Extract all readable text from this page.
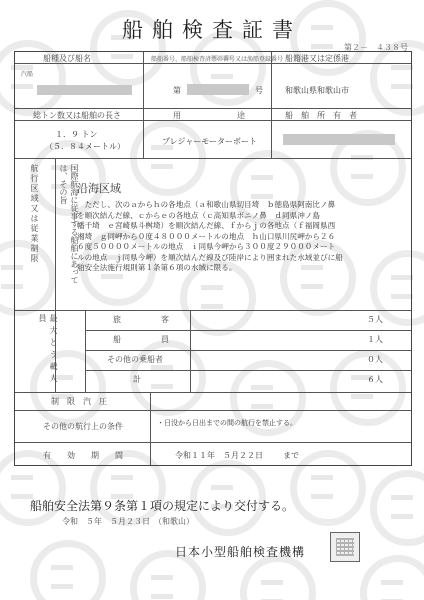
船舶検査証書
第２－　４３８号
船種及び船名	船舶番号、船舶検査済票の番号又は漁船登録番号 船籍港又は定係港
汽船
第	号	和歌山県和歌山市
総トン数又は船舶の長さ	用　　　　　　　途	船　舶　所　有　者
１．９ トン
（５．８４メートル）
プレジャーモーターボート
航行区域又は従業制限	国際航海に従事する船舶にあっては、その旨 沿海区域
　ただし、次のａからｈの各地点（ａ和歌山県切目埼　ｂ徳島県阿南比ノ鼻
を順次結んだ線、ｃからｅの各地点（ｃ高知県ボニノ鼻　ｄ同県沖ノ島
幡千埼　ｅ宮崎県斗桝埼）を順次結んだ線、ｆからｊの各地点（ｆ福岡県西
湘埼　ｇ同岬から０度４８０００メートルの地点　ｈ山口県川尻岬から２６
６度５００００メートルの地点　ｉ同県今岬から３００度２９０００メート
ルの地点　ｊ同県今岬）を順次結んだ線及び陸岸により囲まれた水域並びに船
舶安全法施行規則第１条第６項の水域に限る。
最大とう載人員	旅　　　　　客	５人
船　　　　　員	１人
その他の乗船者	０人
計	６人
制　限　汽　圧
その他の航行上の条件	・日没から日出までの間の航行を禁止する。
有　　効　　期　　間	令和１１年　５月２２日	まで
船舶安全法第９条第１項の規定により交付する。
令和　５年　５月２３日　（和歌山）
日本小型船舶検査機構
